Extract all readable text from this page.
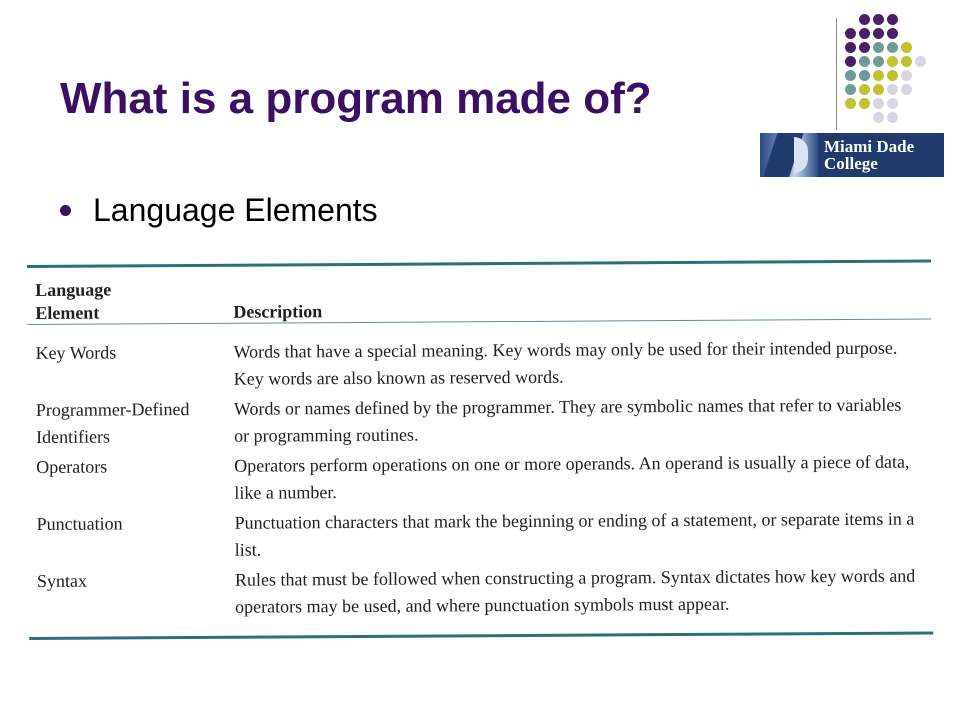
What is a program made of?
Miami Dade
College
Language Elements
Language
Element	Description
Key Words	Words that have a special meaning. Key words may only be used for their intended purpose. Key words are also known as reserved words.
Programmer-Defined Identifiers	Words or names defined by the programmer. They are symbolic names that refer to variables or programming routines.
Operators	Operators perform operations on one or more operands. An operand is usually a piece of data, like a number.
Punctuation	Punctuation characters that mark the beginning or ending of a statement, or separate items in a list.
Syntax	Rules that must be followed when constructing a program. Syntax dictates how key words and operators may be used, and where punctuation symbols must appear.
